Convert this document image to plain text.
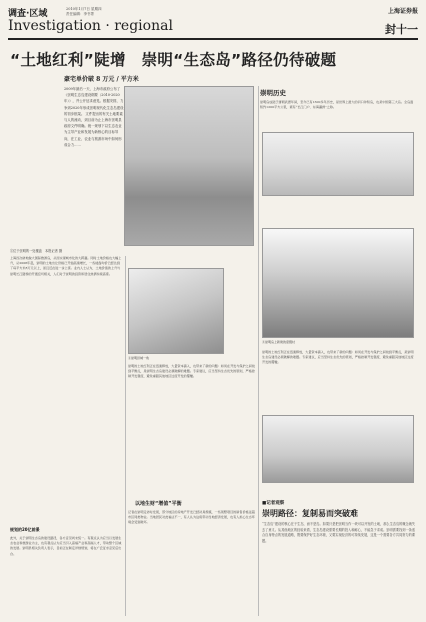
调查·区域	2010年1月7日 星期四
责任编辑：李书菁
Investigation · regional
上海证券报
封十一
“土地红利”陡增　崇明“生态岛”路径仍待破题
豪宅单价破 8 万元 / 平方米
2009年最后一天，上海市政府公布了《崇明生态岛建设纲要（2010-2020年）》，并公开征求意见。根据安排，力争到2020年形成崇明现代化生态岛建设的初步框架。 文件提出的有关土地要素与人的流动，到目前为止上海市崇明县政府文件明确。统一规划下以生态农业为主导产业和发展为新核心的目标导向，在工业、农业与旅游市场中如何形成合力……
①位于崇明的一处楼盘　本报记者 摄
上海四次辟地做大国际旅游岛，从而实现城市化的大跨越。同时土地价格也大幅上升，从2008年起，崇明的土地出让价格已开始高速增长，一些楼盘均价已经达到了每平方米8万元以上，而且还在进一步上涨。业内人士认为，土地价值的上升与崇明长江隧桥的开通密切相关，人们对于崇明的投资和居住热情持续高涨。
③崇明县城一角
崇明的土地红利正在迅速释放，大量资本涌入，也带来了新的问题：如何在开发与保护之间找到平衡点，是崇明生态岛建设必须破解的难题。专家建议，应当坚持生态优先的原则，严格控制开发强度，避免重蹈其他地区过度开发的覆辙。
以地生财“增值”平衡
记者在崇明走访时发现，部分地区的房地产开发已经初具规模，一些别墅项目的销售价格远超市区同类物业。当地居民对此看法不一，有人认为这将带动当地经济发展，也有人担心生态环境会受到破坏。
规划的20亿前景
此外，关于崇明生态岛的建设路径，各方意见尚未统一。有观点认为应当以发展生态农业和旅游业为主，也有观点认为应当引入高端产业和高端人才，带动整个区域的发展。崇明县相关负责人表示，目前正在制定详细规划，将在广泛征求意见后出台。
崇明历史
崇明岛成陆于唐朝武德年间，至今已有1300多年历史，是世界上最大的河口冲积岛，也是中国第三大岛。全岛面积约1200平方公里，素有“长江门户、东海瀛洲”之称。
②崇明岛上新建的度假村
崇明的土地红利正在迅速释放，大量资本涌入，也带来了新的问题：如何在开发与保护之间找到平衡点，是崇明生态岛建设必须破解的难题。专家建议，应当坚持生态优先的原则，严格控制开发强度，避免重蹈其他地区过度开发的覆辙。
■记者观察
崇明路径：复制易而突破难
“生态岛”建设的核心在于生态，而不是岛。如果只是把崇明当作一块可以开发的土地，那么生态岛的概念就失去了意义。从其他地区的经验来看，生态岛建设需要长期的投入和耐心，不能急于求成。崇明需要找到一条适合自身特点的发展道路，既要保护好生态环境，又要实现经济的可持续发展，这是一个需要各方共同努力的课题。
